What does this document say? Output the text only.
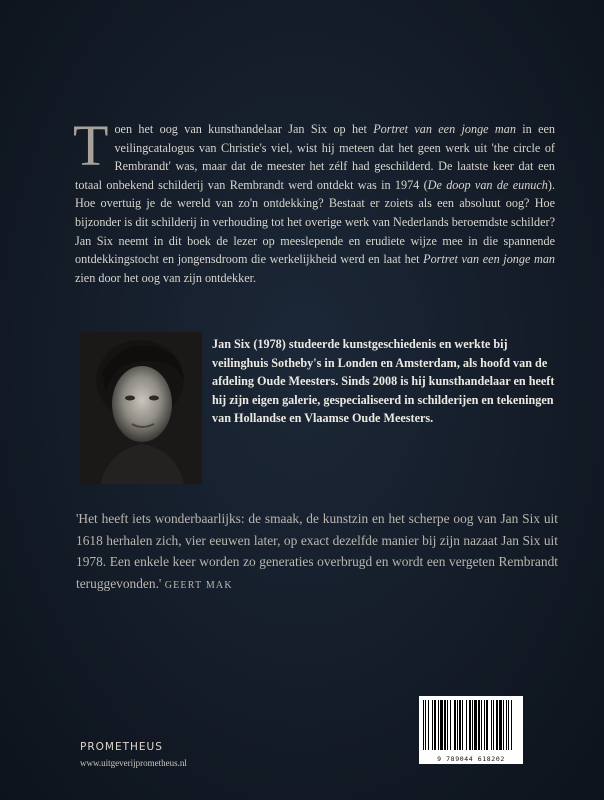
Toen het oog van kunsthandelaar Jan Six op het Portret van een jonge man in een veilingcatalogus van Christie's viel, wist hij meteen dat het geen werk uit 'the circle of Rembrandt' was, maar dat de meester het zélf had geschilderd. De laatste keer dat een totaal onbekend schilderij van Rembrandt werd ontdekt was in 1974 (De doop van de eunuch). Hoe overtuig je de wereld van zo'n ontdekking? Bestaat er zoiets als een absoluut oog? Hoe bijzonder is dit schilderij in verhouding tot het overige werk van Nederlands beroemdste schilder? Jan Six neemt in dit boek de lezer op meeslepende en erudiete wijze mee in die spannende ontdekkingstocht en jongensdroom die werkelijkheid werd en laat het Portret van een jonge man zien door het oog van zijn ontdekker.
Jan Six (1978) studeerde kunstgeschiedenis en werkte bij veilinghuis Sotheby's in Londen en Amsterdam, als hoofd van de afdeling Oude Meesters. Sinds 2008 is hij kunsthandelaar en heeft hij zijn eigen galerie, gespecialiseerd in schilderijen en tekeningen van Hollandse en Vlaamse Oude Meesters.
'Het heeft iets wonderbaarlijks: de smaak, de kunstzin en het scherpe oog van Jan Six uit 1618 herhalen zich, vier eeuwen later, op exact dezelfde manier bij zijn nazaat Jan Six uit 1978. Een enkele keer worden zo generaties overbrugd en wordt een vergeten Rembrandt teruggevonden.' GEERT MAK
9 789044 618202
PROMETHEUS
www.uitgeverijprometheus.nl
